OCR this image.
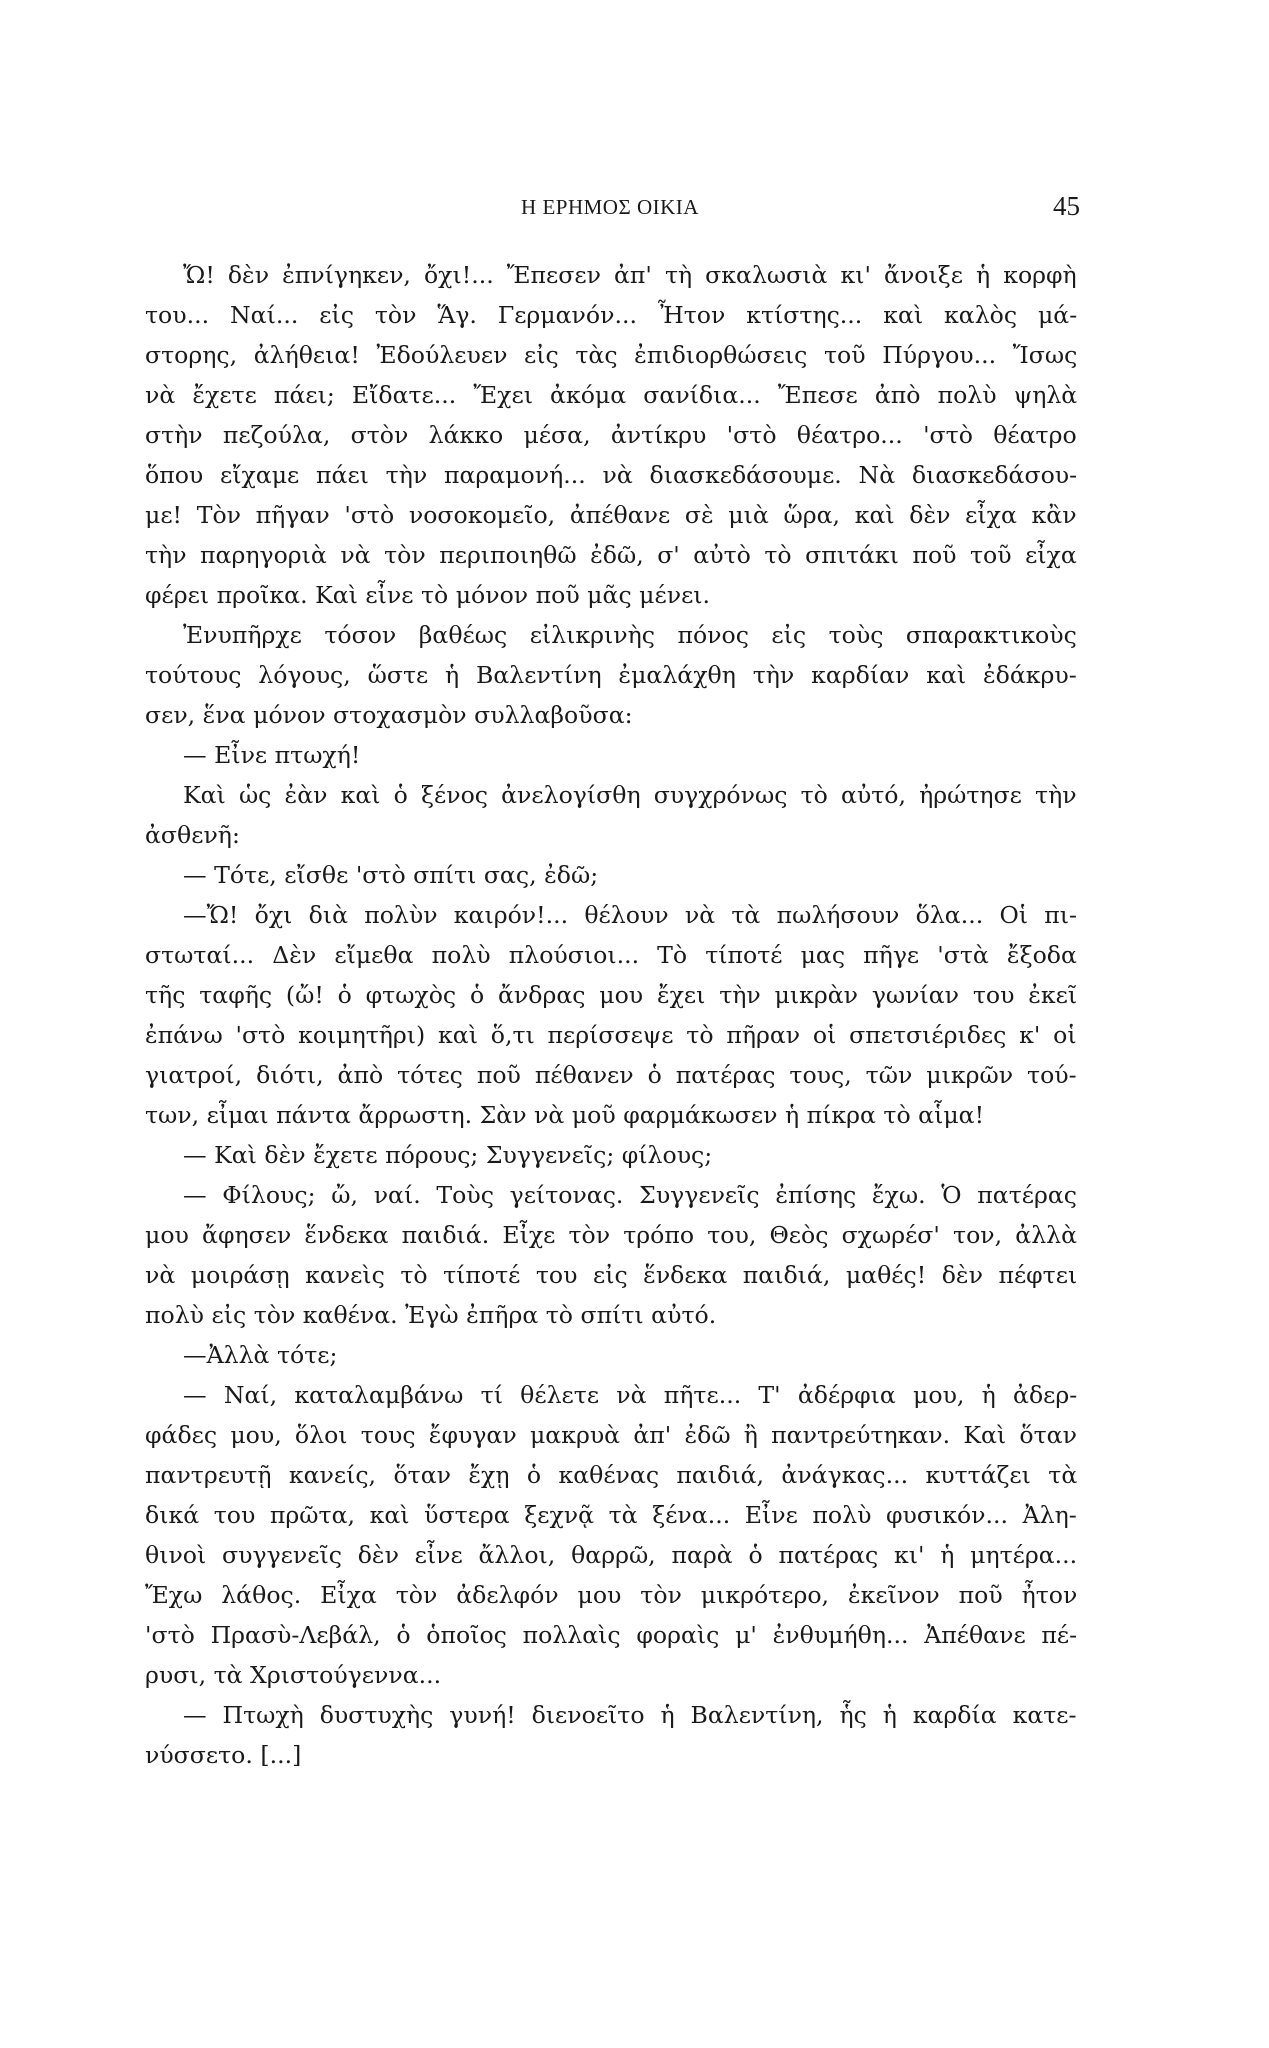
Η ΕΡΗΜΟΣ ΟΙΚΙΑ	45
Ὤ! δὲν ἐπνίγηκεν, ὄχι!... Ἔπεσεν ἀπ' τὴ σκαλωσιὰ κι' ἄνοιξε ἡ κορφὴ
του... Ναί... εἰς τὸν Ἅγ. Γερμανόν... Ἦτον κτίστης... καὶ καλὸς μά-
στορης, ἀλήθεια! Ἐδούλευεν εἰς τὰς ἐπιδιορθώσεις τοῦ Πύργου... Ἴσως
νὰ ἔχετε πάει; Εἴδατε... Ἔχει ἀκόμα σανίδια... Ἔπεσε ἀπὸ πολὺ ψηλὰ
στὴν πεζούλα, στὸν λάκκο μέσα, ἀντίκρυ 'στὸ θέατρο... 'στὸ θέατρο
ὅπου εἴχαμε πάει τὴν παραμονή... νὰ διασκεδάσουμε. Νὰ διασκεδάσου-
με! Τὸν πῆγαν 'στὸ νοσοκομεῖο, ἀπέθανε σὲ μιὰ ὥρα, καὶ δὲν εἶχα κἂν
τὴν παρηγοριὰ νὰ τὸν περιποιηθῶ ἐδῶ, σ' αὐτὸ τὸ σπιτάκι ποῦ τοῦ εἶχα
φέρει προῖκα. Καὶ εἶνε τὸ μόνον ποῦ μᾶς μένει.
Ἐνυπῆρχε τόσον βαθέως εἰλικρινὴς πόνος εἰς τοὺς σπαρακτικοὺς
τούτους λόγους, ὥστε ἡ Βαλεντίνη ἐμαλάχθη τὴν καρδίαν καὶ ἐδάκρυ-
σεν, ἕνα μόνον στοχασμὸν συλλαβοῦσα:
— Εἶνε πτωχή!
Καὶ ὡς ἐὰν καὶ ὁ ξένος ἀνελογίσθη συγχρόνως τὸ αὐτό, ἠρώτησε τὴν
ἀσθενῆ:
— Τότε, εἴσθε 'στὸ σπίτι σας, ἐδῶ;
—Ὤ! ὄχι διὰ πολὺν καιρόν!... θέλουν νὰ τὰ πωλήσουν ὅλα... Οἱ πι-
στωταί... Δὲν εἴμεθα πολὺ πλούσιοι... Τὸ τίποτέ μας πῆγε 'στὰ ἔξοδα
τῆς ταφῆς (ὤ! ὁ φτωχὸς ὁ ἄνδρας μου ἔχει τὴν μικρὰν γωνίαν του ἐκεῖ
ἐπάνω 'στὸ κοιμητῆρι) καὶ ὅ,τι περίσσεψε τὸ πῆραν οἱ σπετσιέριδες κ' οἱ
γιατροί, διότι, ἀπὸ τότες ποῦ πέθανεν ὁ πατέρας τους, τῶν μικρῶν τού-
των, εἶμαι πάντα ἄρρωστη. Σὰν νὰ μοῦ φαρμάκωσεν ἡ πίκρα τὸ αἷμα!
— Καὶ δὲν ἔχετε πόρους; Συγγενεῖς; φίλους;
— Φίλους; ὤ, ναί. Τοὺς γείτονας. Συγγενεῖς ἐπίσης ἔχω. Ὁ πατέρας
μου ἄφησεν ἕνδεκα παιδιά. Εἶχε τὸν τρόπο του, Θεὸς σχωρέσ' τον, ἀλλὰ
νὰ μοιράσῃ κανεὶς τὸ τίποτέ του εἰς ἕνδεκα παιδιά, μαθές! δὲν πέφτει
πολὺ εἰς τὸν καθένα. Ἐγὼ ἐπῆρα τὸ σπίτι αὐτό.
—Ἀλλὰ τότε;
— Ναί, καταλαμβάνω τί θέλετε νὰ πῆτε... Τ' ἀδέρφια μου, ἡ ἀδερ-
φάδες μου, ὅλοι τους ἔφυγαν μακρυὰ ἀπ' ἐδῶ ἢ παντρεύτηκαν. Καὶ ὅταν
παντρευτῇ κανείς, ὅταν ἔχῃ ὁ καθένας παιδιά, ἀνάγκας... κυττάζει τὰ
δικά του πρῶτα, καὶ ὕστερα ξεχνᾷ τὰ ξένα... Εἶνε πολὺ φυσικόν... Ἀλη-
θινοὶ συγγενεῖς δὲν εἶνε ἄλλοι, θαρρῶ, παρὰ ὁ πατέρας κι' ἡ μητέρα...
Ἔχω λάθος. Εἶχα τὸν ἀδελφόν μου τὸν μικρότερο, ἐκεῖνον ποῦ ἦτον
'στὸ Πρασὺ-Λεβάλ, ὁ ὁποῖος πολλαὶς φοραὶς μ' ἐνθυμήθη... Ἀπέθανε πέ-
ρυσι, τὰ Χριστούγεννα...
— Πτωχὴ δυστυχὴς γυνή! διενοεῖτο ἡ Βαλεντίνη, ἧς ἡ καρδία κατε-
νύσσετο. [...]
